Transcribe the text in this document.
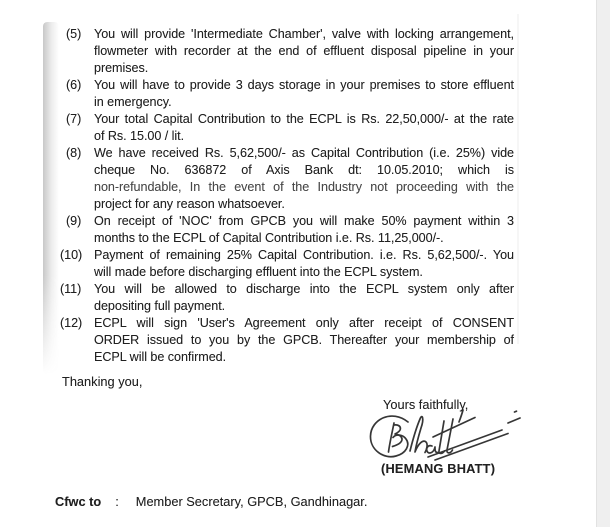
(5)	You will provide 'Intermediate Chamber', valve with locking arrangement,
flowmeter with recorder at the end of effluent disposal pipeline in your
premises.
(6)	You will have to provide 3 days storage in your premises to store effluent
in emergency.
(7)	Your total Capital Contribution to the ECPL is Rs. 22,50,000/- at the rate
of Rs. 15.00 / lit.
(8)	We have received Rs. 5,62,500/- as Capital Contribution (i.e. 25%) vide
cheque No. 636872 of Axis Bank dt: 10.05.2010; which is
non-refundable, In the event of the Industry not proceeding with the
project for any reason whatsoever.
(9)	On receipt of 'NOC' from GPCB you will make 50% payment within 3
months to the ECPL of Capital Contribution i.e. Rs. 11,25,000/-.
(10) Payment of remaining 25% Capital Contribution. i.e. Rs. 5,62,500/-. You
will made before discharging effluent into the ECPL system.
(11)	You will be allowed to discharge into the ECPL system only after
depositing full payment.
(12) ECPL will sign 'User's Agreement only after receipt of CONSENT
ORDER issued to you by the GPCB. Thereafter your membership of
ECPL will be confirmed.
Thanking you,
Yours faithfully,
(HEMANG BHATT)
Cfwc to : Member Secretary, GPCB, Gandhinagar.
